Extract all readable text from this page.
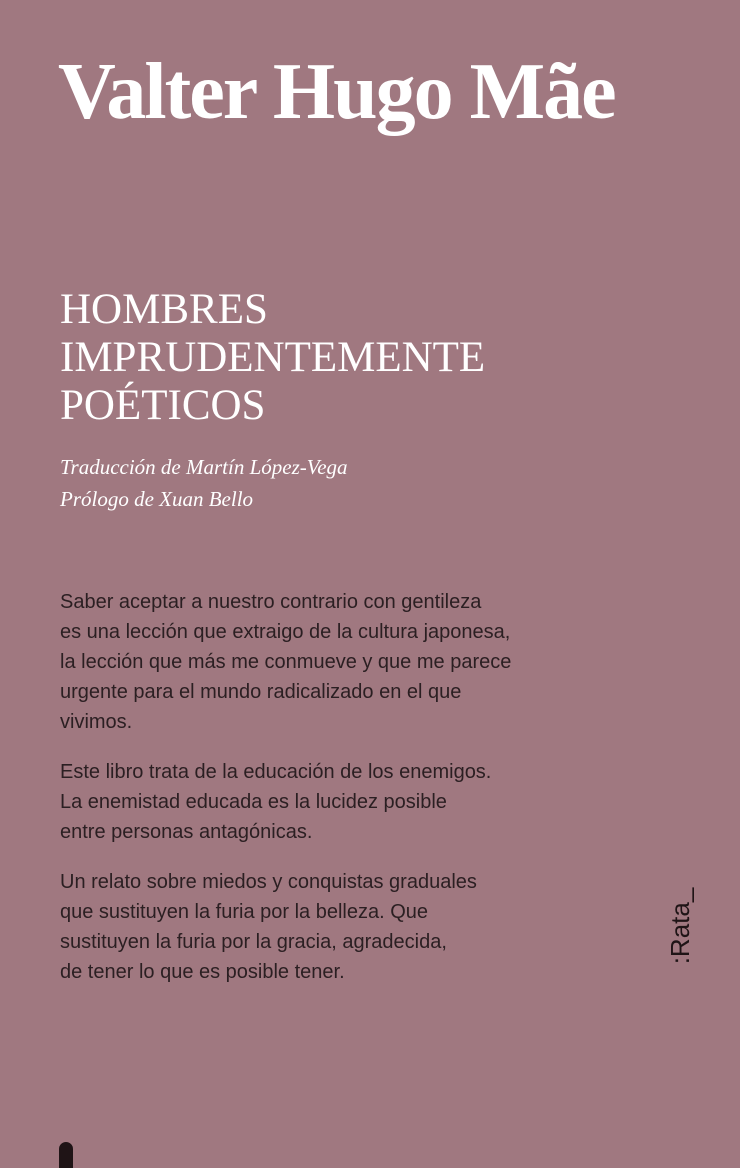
Valter Hugo Mãe
HOMBRES
IMPRUDENTEMENTE
POÉTICOS
Traducción de Martín López-Vega
Prólogo de Xuan Bello

Saber aceptar a nuestro contrario con gentileza
es una lección que extraigo de la cultura japonesa,
la lección que más me conmueve y que me parece
urgente para el mundo radicalizado en el que
vivimos.

Este libro trata de la educación de los enemigos.
La enemistad educada es la lucidez posible
entre personas antagónicas.

Un relato sobre miedos y conquistas graduales
que sustituyen la furia por la belleza. Que
sustituyen la furia por la gracia, agradecida,
de tener lo que es posible tener.

:Rata_
